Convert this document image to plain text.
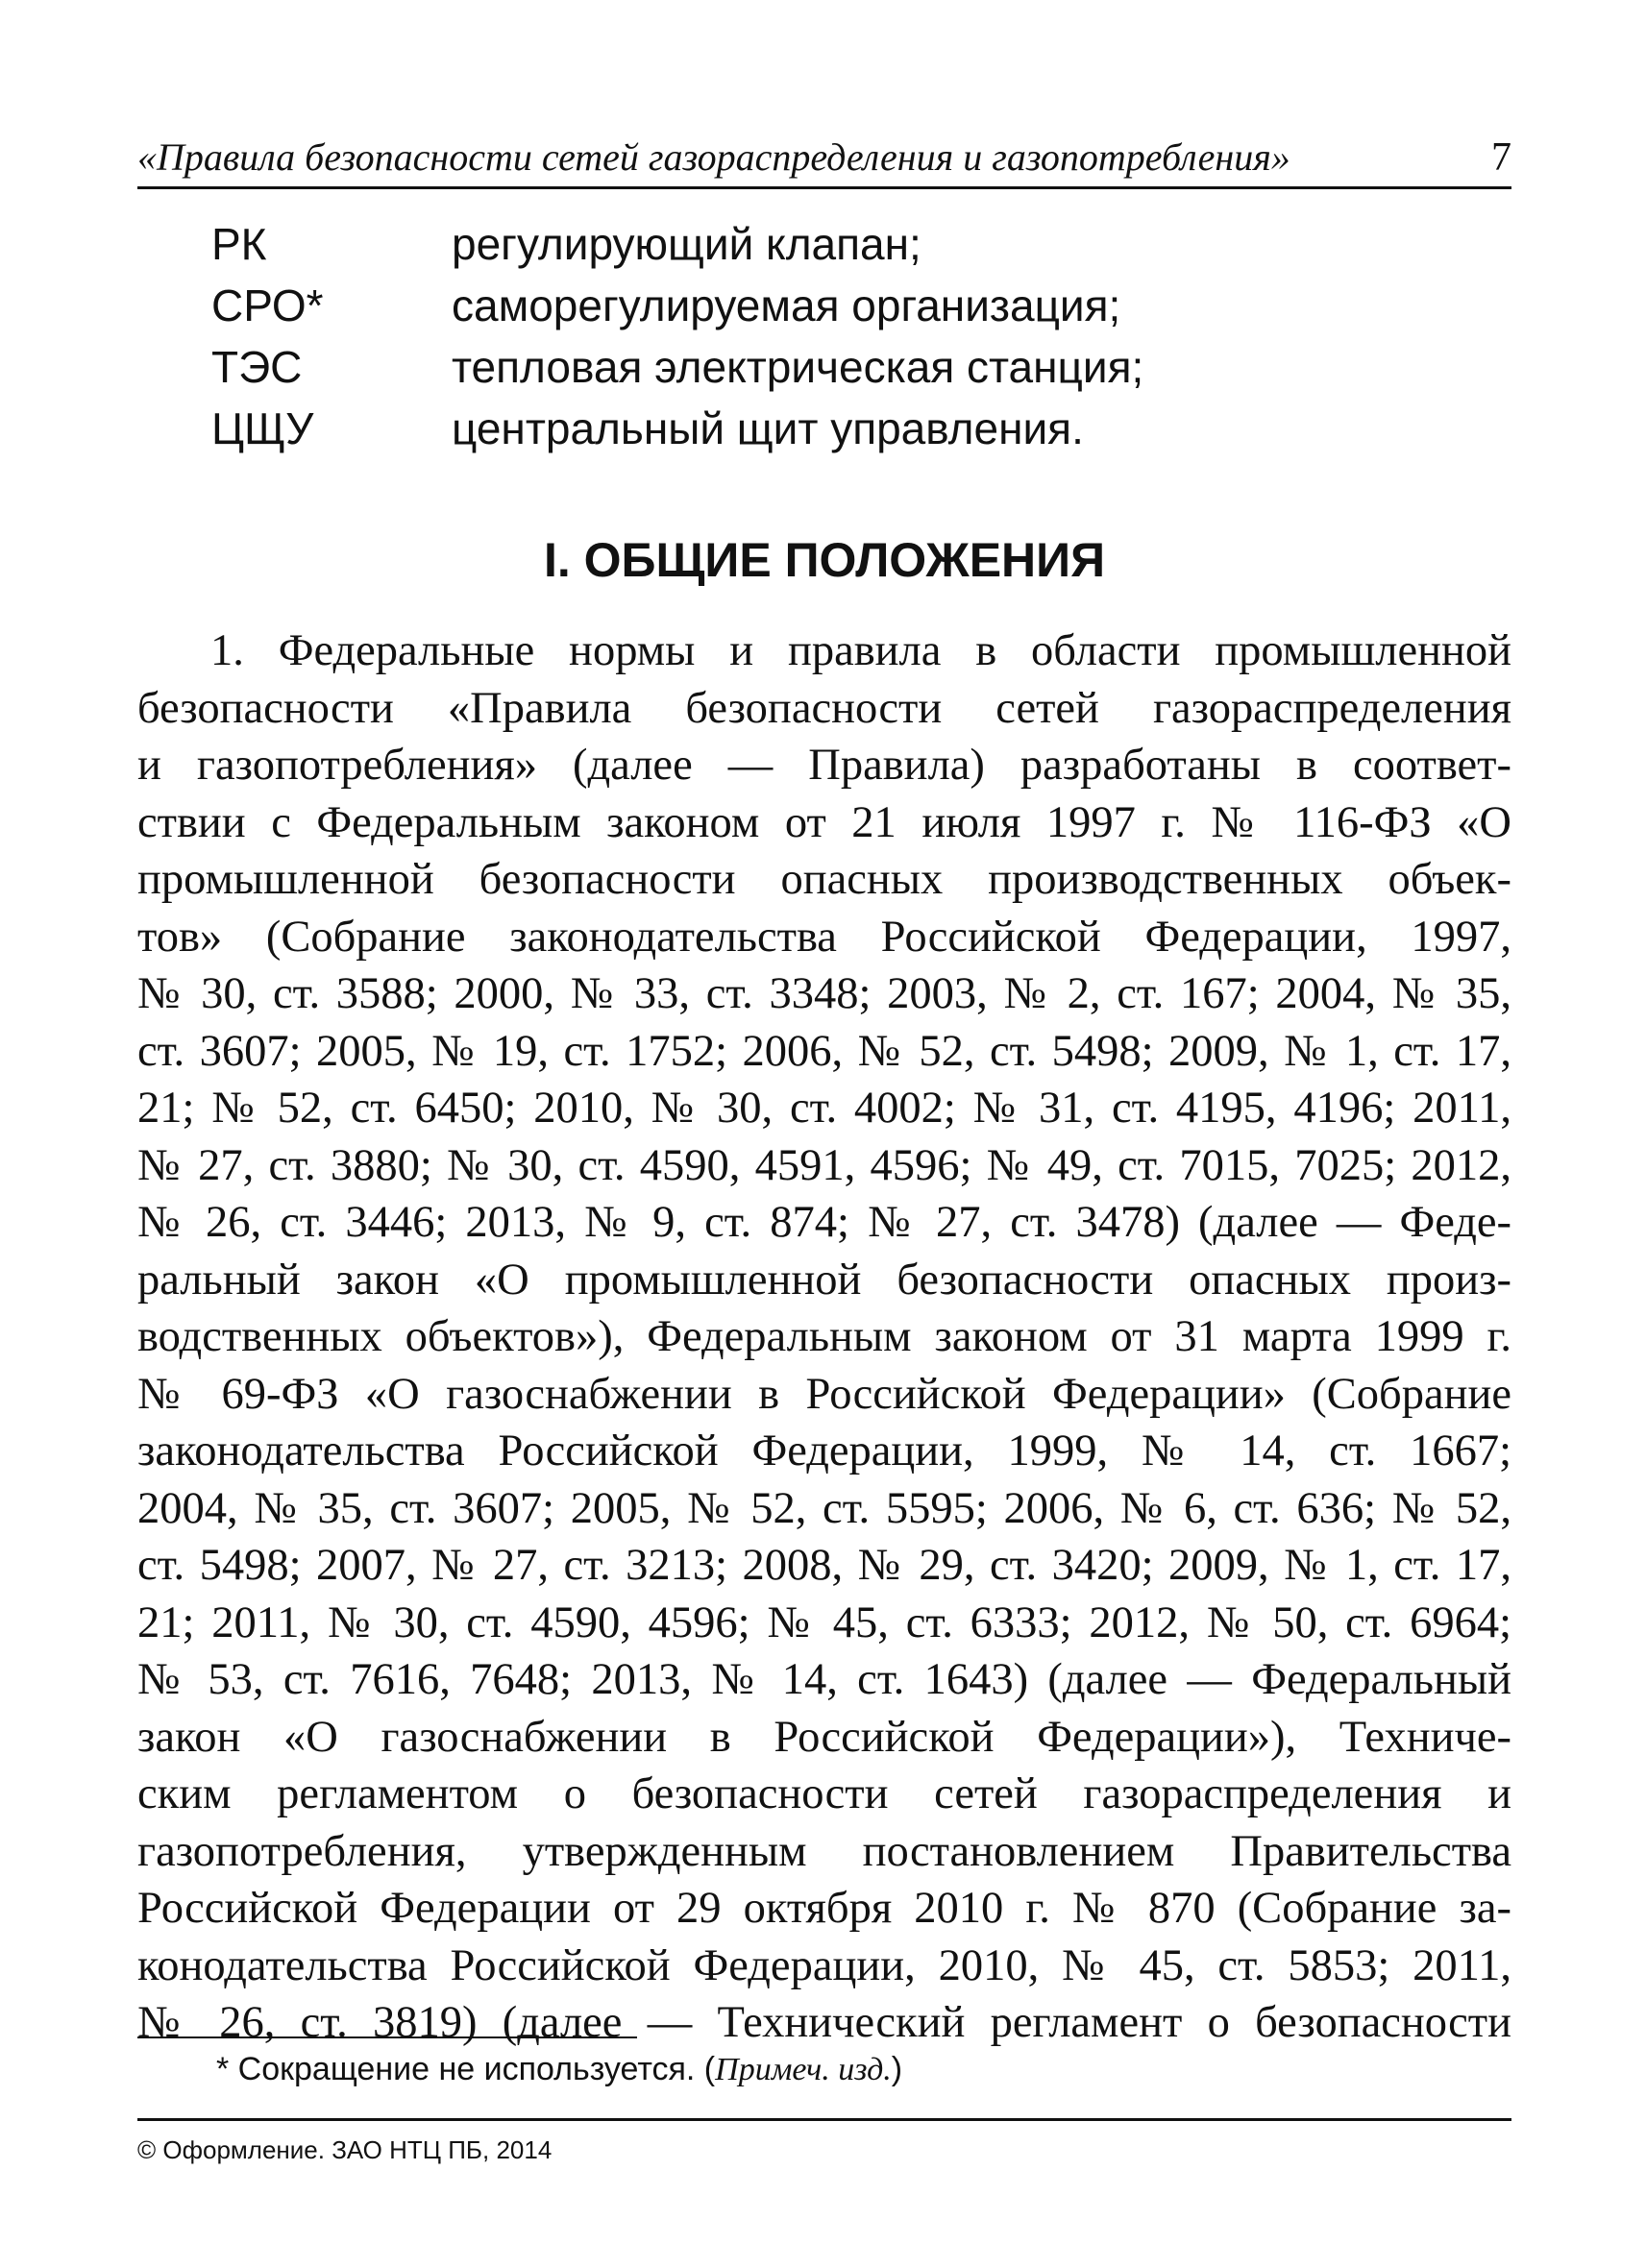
«Правила безопасности сетей газораспределения и газопотребления»	7
РК	регулирующий клапан;
СРО*	саморегулируемая организация;
ТЭС	тепловая электрическая станция;
ЦЩУ	центральный щит управления.
I. ОБЩИЕ ПОЛОЖЕНИЯ
1. Федеральные нормы и правила в области промышленной
безопасности «Правила безопасности сетей газораспределения
и газопотребления» (далее — Правила) разработаны в соответ-
ствии с Федеральным законом от 21 июля 1997 г. № 116-ФЗ «О
промышленной безопасности опасных производственных объек-
тов» (Собрание законодательства Российской Федерации, 1997,
№ 30, ст. 3588; 2000, № 33, ст. 3348; 2003, № 2, ст. 167; 2004, № 35,
ст. 3607; 2005, № 19, ст. 1752; 2006, № 52, ст. 5498; 2009, № 1, ст. 17,
21; № 52, ст. 6450; 2010, № 30, ст. 4002; № 31, ст. 4195, 4196; 2011,
№ 27, ст. 3880; № 30, ст. 4590, 4591, 4596; № 49, ст. 7015, 7025; 2012,
№ 26, ст. 3446; 2013, № 9, ст. 874; № 27, ст. 3478) (далее — Феде-
ральный закон «О промышленной безопасности опасных произ-
водственных объектов»), Федеральным законом от 31 марта 1999 г.
№ 69-ФЗ «О газоснабжении в Российской Федерации» (Собрание
законодательства Российской Федерации, 1999, № 14, ст. 1667;
2004, № 35, ст. 3607; 2005, № 52, ст. 5595; 2006, № 6, ст. 636; № 52,
ст. 5498; 2007, № 27, ст. 3213; 2008, № 29, ст. 3420; 2009, № 1, ст. 17,
21; 2011, № 30, ст. 4590, 4596; № 45, ст. 6333; 2012, № 50, ст. 6964;
№ 53, ст. 7616, 7648; 2013, № 14, ст. 1643) (далее — Федеральный
закон «О газоснабжении в Российской Федерации»), Техниче-
ским регламентом о безопасности сетей газораспределения и
газопотребления, утвержденным постановлением Правительства
Российской Федерации от 29 октября 2010 г. № 870 (Собрание за-
конодательства Российской Федерации, 2010, № 45, ст. 5853; 2011,
№ 26, ст. 3819) (далее — Технический регламент о безопасности
* Сокращение не используется. (Примеч. изд.)
© Оформление. ЗАО НТЦ ПБ, 2014
